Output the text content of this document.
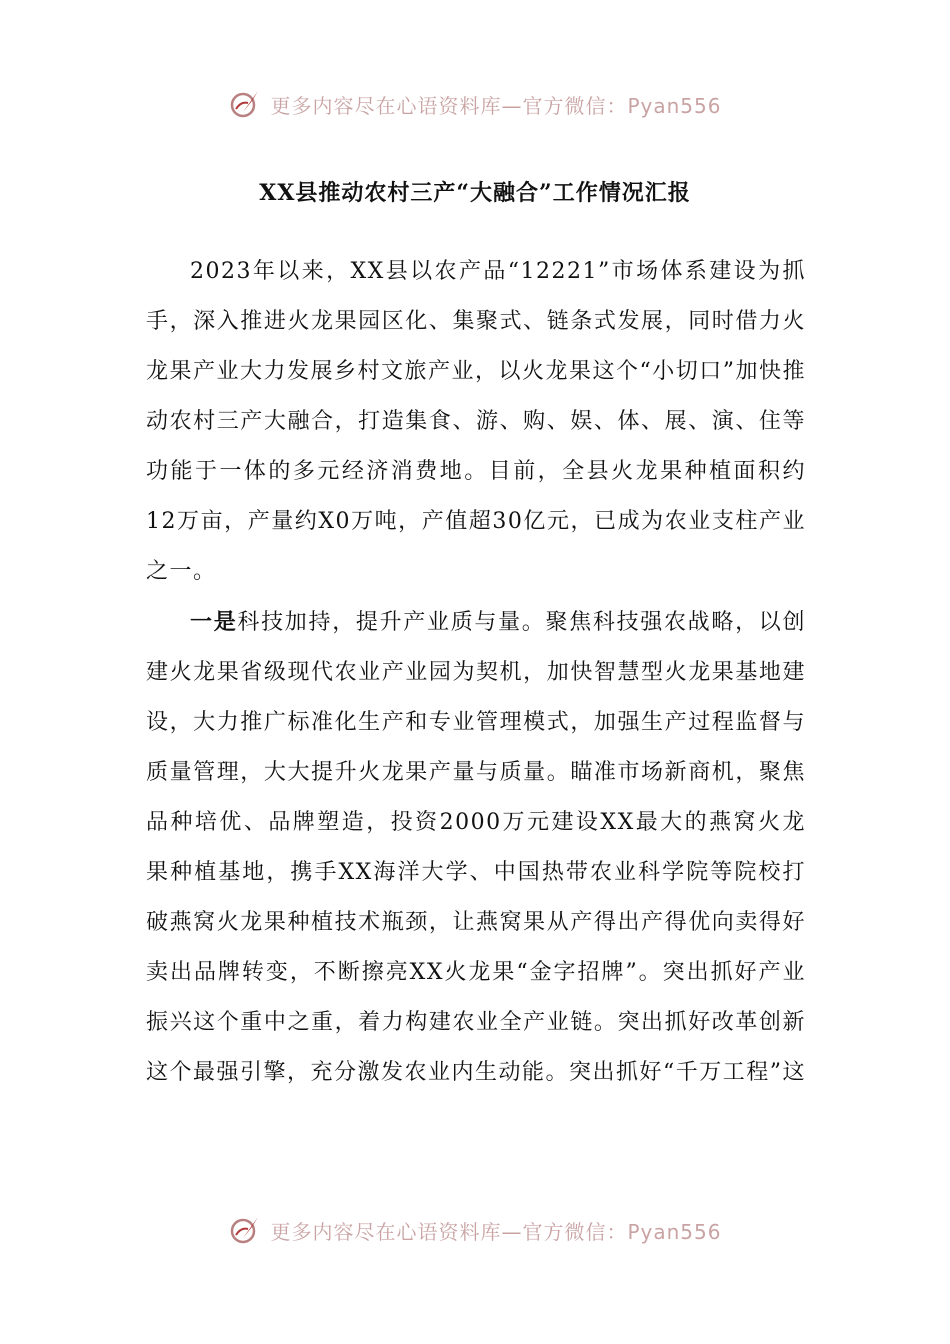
更多内容尽在心语资料库—官方微信：Pyan556
XX县推动农村三产“大融合”工作情况汇报

2023年以来，XX县以农产品“12221”市场体系建设为抓手，深入推进火龙果园区化、集聚式、链条式发展，同时借力火龙果产业大力发展乡村文旅产业，以火龙果这个“小切口”加快推动农村三产大融合，打造集食、游、购、娱、体、展、演、住等功能于一体的多元经济消费地。目前，全县火龙果种植面积约12万亩，产量约X0万吨，产值超30亿元，已成为农业支柱产业之一。

一是科技加持，提升产业质与量。聚焦科技强农战略，以创建火龙果省级现代农业产业园为契机，加快智慧型火龙果基地建设，大力推广标准化生产和专业管理模式，加强生产过程监督与质量管理，大大提升火龙果产量与质量。瞄准市场新商机，聚焦品种培优、品牌塑造，投资2000万元建设XX最大的燕窝火龙果种植基地，携手XX海洋大学、中国热带农业科学院等院校打破燕窝火龙果种植技术瓶颈，让燕窝果从产得出产得优向卖得好卖出品牌转变，不断擦亮XX火龙果“金字招牌”。突出抓好产业振兴这个重中之重，着力构建农业全产业链。突出抓好改革创新这个最强引擎，充分激发农业内生动能。突出抓好“千万工程”这

更多内容尽在心语资料库—官方微信：Pyan556
